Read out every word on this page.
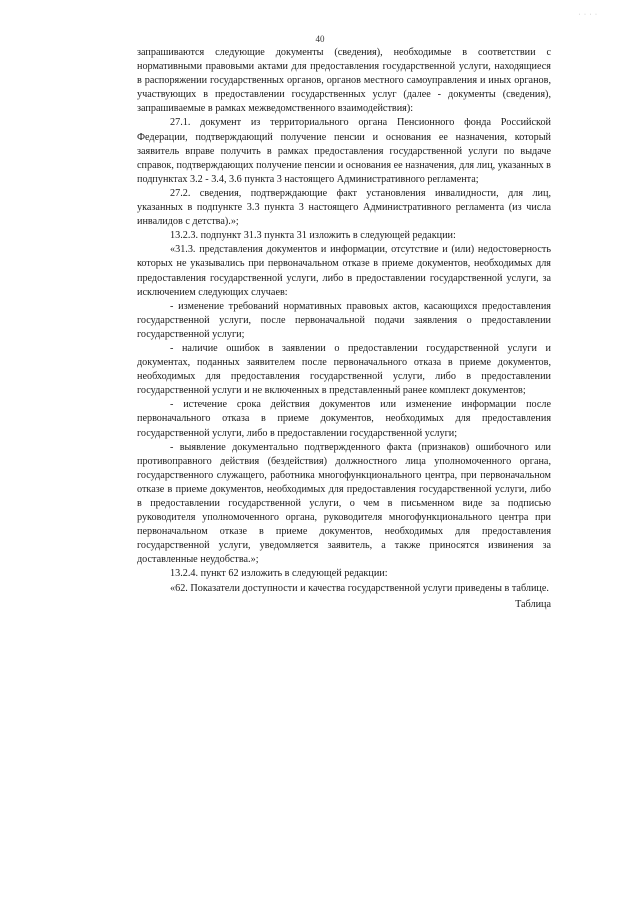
· · · ·
40

запрашиваются следующие документы (сведения), необходимые в соответствии с нормативными правовыми актами для предоставления государственной услуги, находящиеся в распоряжении государственных органов, органов местного самоуправления и иных органов, участвующих в предоставлении государственных услуг (далее - документы (сведения), запрашиваемые в рамках межведомственного взаимодействия):

27.1. документ из территориального органа Пенсионного фонда Российской Федерации, подтверждающий получение пенсии и основания ее назначения, который заявитель вправе получить в рамках предоставления государственной услуги по выдаче справок, подтверждающих получение пенсии и основания ее назначения, для лиц, указанных в подпунктах 3.2 - 3.4, 3.6 пункта 3 настоящего Административного регламента;

27.2. сведения, подтверждающие факт установления инвалидности, для лиц, указанных в подпункте 3.3 пункта 3 настоящего Административного регламента (из числа инвалидов с детства).»;

13.2.3. подпункт 31.3 пункта 31 изложить в следующей редакции:

«31.3. представления документов и информации, отсутствие и (или) недостоверность которых не указывались при первоначальном отказе в приеме документов, необходимых для предоставления государственной услуги, либо в предоставлении государственной услуги, за исключением следующих случаев:

- изменение требований нормативных правовых актов, касающихся предоставления государственной услуги, после первоначальной подачи заявления о предоставлении государственной услуги;

- наличие ошибок в заявлении о предоставлении государственной услуги и документах, поданных заявителем после первоначального отказа в приеме документов, необходимых для предоставления государственной услуги, либо в предоставлении государственной услуги и не включенных в представленный ранее комплект документов;

- истечение срока действия документов или изменение информации после первоначального отказа в приеме документов, необходимых для предоставления государственной услуги, либо в предоставлении государственной услуги;

- выявление документально подтвержденного факта (признаков) ошибочного или противоправного действия (бездействия) должностного лица уполномоченного органа, государственного служащего, работника многофункционального центра, при первоначальном отказе в приеме документов, необходимых для предоставления государственной услуги, либо в предоставлении государственной услуги, о чем в письменном виде за подписью руководителя уполномоченного органа, руководителя многофункционального центра при первоначальном отказе в приеме документов, необходимых для предоставления государственной услуги, уведомляется заявитель, а также приносятся извинения за доставленные неудобства.»;

13.2.4. пункт 62 изложить в следующей редакции:

«62. Показатели доступности и качества государственной услуги приведены в таблице.

Таблица
